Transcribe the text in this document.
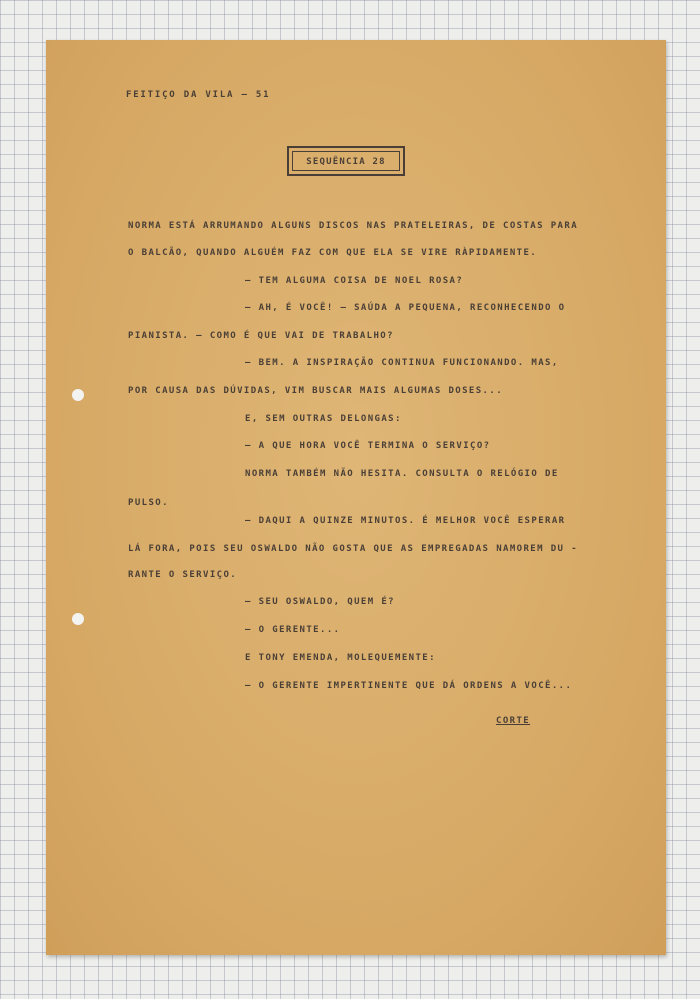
FEITIÇO DA VILA — 51

SEQUÊNCIA 28

NORMA ESTÁ ARRUMANDO ALGUNS DISCOS NAS PRATELEIRAS, DE COSTAS PARA

O BALCÃO, QUANDO ALGUÉM FAZ COM QUE ELA SE VIRE RÀPIDAMENTE.

— TEM ALGUMA COISA DE NOEL ROSA?

— AH, É VOCÊ! — SAÚDA A PEQUENA, RECONHECENDO O

PIANISTA. — COMO É QUE VAI DE TRABALHO?

— BEM. A INSPIRAÇÃO CONTINUA FUNCIONANDO. MAS,

POR CAUSA DAS DÚVIDAS, VIM BUSCAR MAIS ALGUMAS DOSES...

E, SEM OUTRAS DELONGAS:

— A QUE HORA VOCÊ TERMINA O SERVIÇO?

NORMA TAMBÉM NÃO HESITA. CONSULTA O RELÓGIO DE

PULSO.

— DAQUI A QUINZE MINUTOS. É MELHOR VOCÊ ESPERAR

LÁ FORA, POIS SEU OSWALDO NÃO GOSTA QUE AS EMPREGADAS NAMOREM DU -

RANTE O SERVIÇO.

— SEU OSWALDO, QUEM É?

— O GERENTE...

E TONY EMENDA, MOLEQUEMENTE:

— O GERENTE IMPERTINENTE QUE DÁ ORDENS A VOCÊ...

CORTE
